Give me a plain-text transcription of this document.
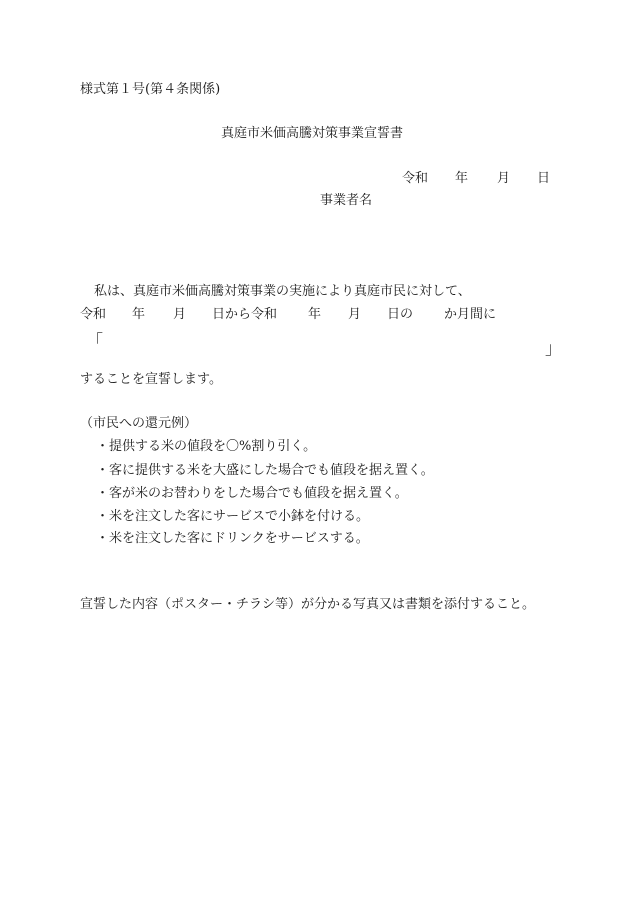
様式第１号(第４条関係)
真庭市米価高騰対策事業宣誓書
令和 年 月 日
事業者名
私は、真庭市米価高騰対策事業の実施により真庭市民に対して、
令和 年 月 日から令和 年 月 日の か月間に
「	」
することを宣誓します。
（市民への還元例）
・提供する米の値段を〇%割り引く。
・客に提供する米を大盛にした場合でも値段を据え置く。
・客が米のお替わりをした場合でも値段を据え置く。
・米を注文した客にサービスで小鉢を付ける。
・米を注文した客にドリンクをサービスする。
宣誓した内容（ポスター・チラシ等）が分かる写真又は書類を添付すること。
